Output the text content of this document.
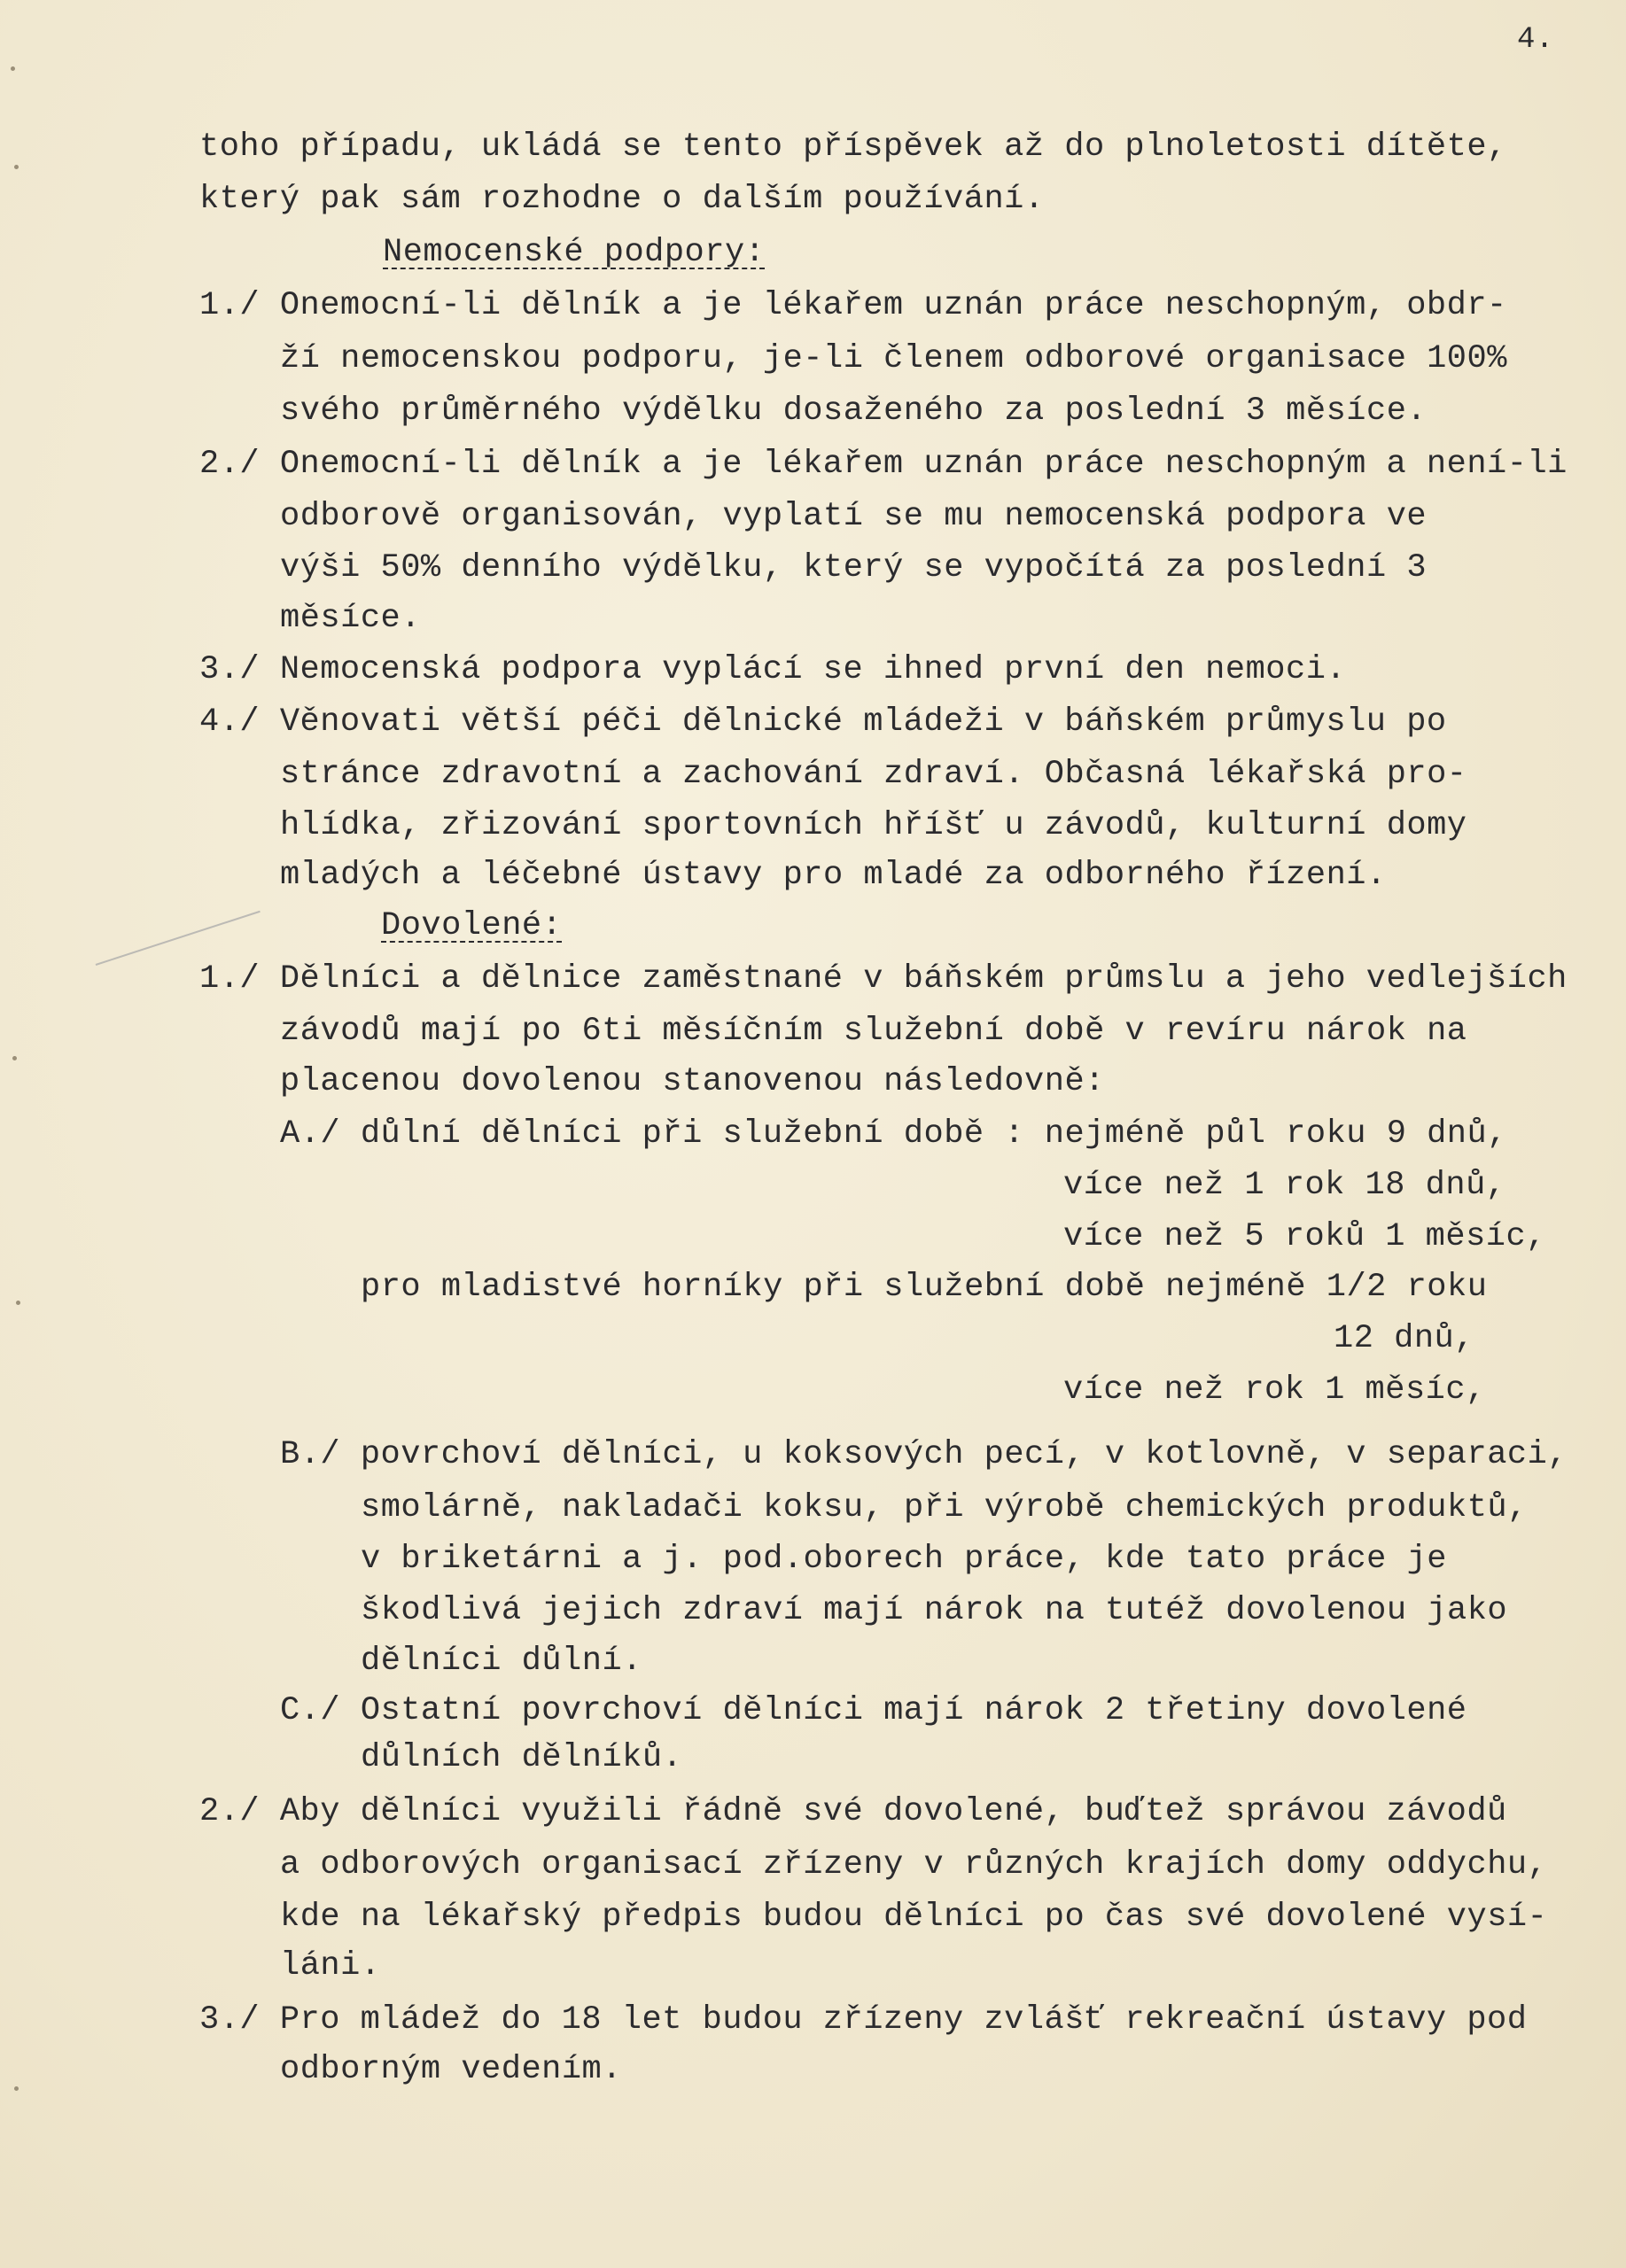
4.
toho případu, ukládá se tento příspěvek až do plnoletosti dítěte,
který pak sám rozhodne o dalším používání.
Nemocenské podpory:
1./ Onemocní-li dělník a je lékařem uznán práce neschopným, obdr-
ží nemocenskou podporu, je-li členem odborové organisace 100%
svého průměrného výdělku dosaženého za poslední 3 měsíce.
2./ Onemocní-li dělník a je lékařem uznán práce neschopným a není-li
odborově organisován, vyplatí se mu nemocenská podpora ve
výši 50% denního výdělku, který se vypočítá za poslední 3
měsíce.
3./ Nemocenská podpora vyplácí se ihned první den nemoci.
4./ Věnovati větší péči dělnické mládeži v báňském průmyslu po
stránce zdravotní a zachování zdraví. Občasná lékařská pro-
hlídka, zřizování sportovních hříšť u závodů, kulturní domy
mladých a léčebné ústavy pro mladé za odborného řízení.
Dovolené:
1./ Dělníci a dělnice zaměstnané v báňském průmslu a jeho vedlejších
závodů mají po 6ti měsíčním služební době v revíru nárok na
placenou dovolenou stanovenou následovně:
A./ důlní dělníci při služební době : nejméně půl roku 9 dnů,
více než 1 rok 18 dnů,
více než 5 roků 1 měsíc,
pro mladistvé horníky při služební době nejméně 1/2 roku
12 dnů,
více než rok 1 měsíc,
B./ povrchoví dělníci, u koksových pecí, v kotlovně, v separaci,
smolárně, nakladači koksu, při výrobě chemických produktů,
v briketárni a j. pod.oborech práce, kde tato práce je
škodlivá jejich zdraví mají nárok na tutéž dovolenou jako
dělníci důlní.
C./ Ostatní povrchoví dělníci mají nárok 2 třetiny dovolené
důlních dělníků.
2./ Aby dělníci využili řádně své dovolené, buďtež správou závodů
a odborových organisací zřízeny v různých krajích domy oddychu,
kde na lékařský předpis budou dělníci po čas své dovolené vysí-
láni.
3./ Pro mládež do 18 let budou zřízeny zvlášť rekreační ústavy pod
odborným vedením.
